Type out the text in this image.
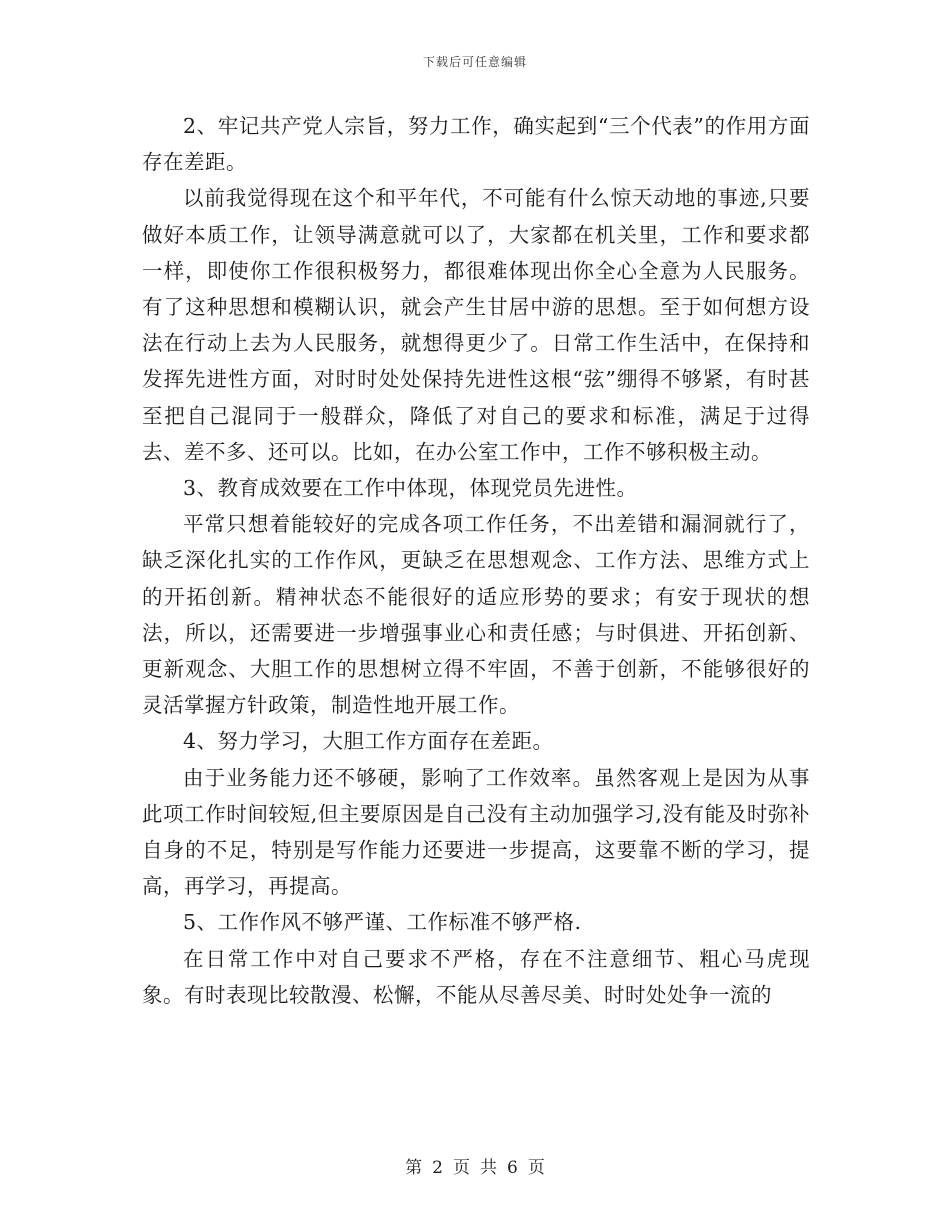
下载后可任意编辑

2、牢记共产党人宗旨，努力工作，确实起到“三个代表”的作用方面存在差距。

以前我觉得现在这个和平年代，不可能有什么惊天动地的事迹,只要做好本质工作，让领导满意就可以了，大家都在机关里，工作和要求都一样，即使你工作很积极努力，都很难体现出你全心全意为人民服务。有了这种思想和模糊认识，就会产生甘居中游的思想。至于如何想方设法在行动上去为人民服务，就想得更少了。日常工作生活中，在保持和发挥先进性方面，对时时处处保持先进性这根“弦”绷得不够紧，有时甚至把自己混同于一般群众，降低了对自己的要求和标准，满足于过得去、差不多、还可以。比如，在办公室工作中，工作不够积极主动。

3、教育成效要在工作中体现，体现党员先进性。

平常只想着能较好的完成各项工作任务，不出差错和漏洞就行了，缺乏深化扎实的工作作风，更缺乏在思想观念、工作方法、思维方式上的开拓创新。精神状态不能很好的适应形势的要求；有安于现状的想法，所以，还需要进一步增强事业心和责任感；与时俱进、开拓创新、更新观念、大胆工作的思想树立得不牢固，不善于创新，不能够很好的灵活掌握方针政策，制造性地开展工作。

4、努力学习，大胆工作方面存在差距。

由于业务能力还不够硬，影响了工作效率。虽然客观上是因为从事此项工作时间较短,但主要原因是自己没有主动加强学习,没有能及时弥补自身的不足，特别是写作能力还要进一步提高，这要靠不断的学习，提高，再学习，再提高。

5、工作作风不够严谨、工作标准不够严格.

在日常工作中对自己要求不严格，存在不注意细节、粗心马虎现象。有时表现比较散漫、松懈，不能从尽善尽美、时时处处争一流的

第 2 页 共 6 页
